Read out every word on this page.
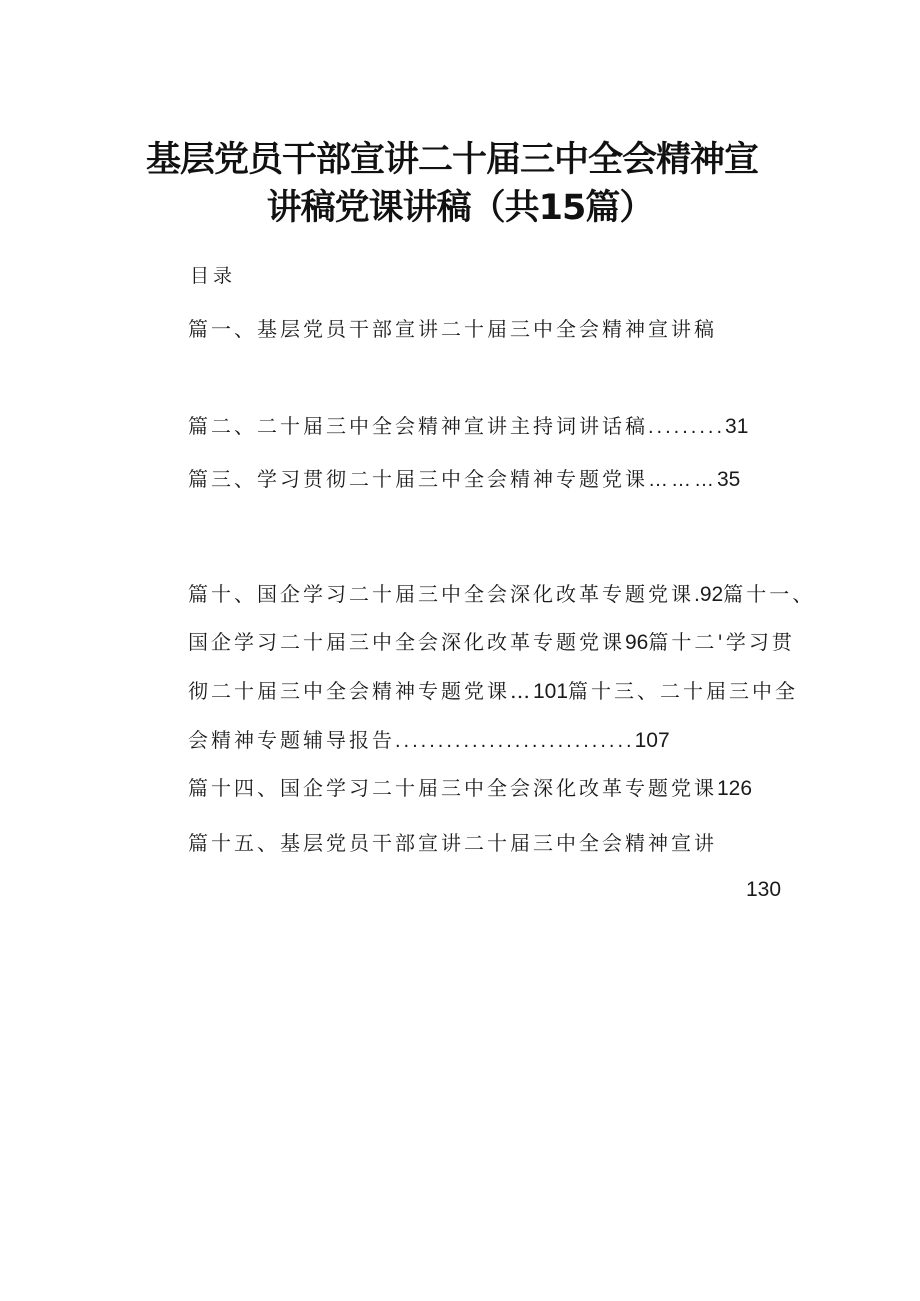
基层党员干部宣讲二十届三中全会精神宣
讲稿党课讲稿（共15篇）
目录
篇一、基层党员干部宣讲二十届三中全会精神宣讲稿
篇二、二十届三中全会精神宣讲主持词讲话稿.........31
篇三、学习贯彻二十届三中全会精神专题党课………35
篇十、国企学习二十届三中全会深化改革专题党课.92篇十一、
国企学习二十届三中全会深化改革专题党课96篇十二'学习贯
彻二十届三中全会精神专题党课…101篇十三、二十届三中全
会精神专题辅导报告............................107
篇十四、国企学习二十届三中全会深化改革专题党课126
篇十五、基层党员干部宣讲二十届三中全会精神宣讲
130
